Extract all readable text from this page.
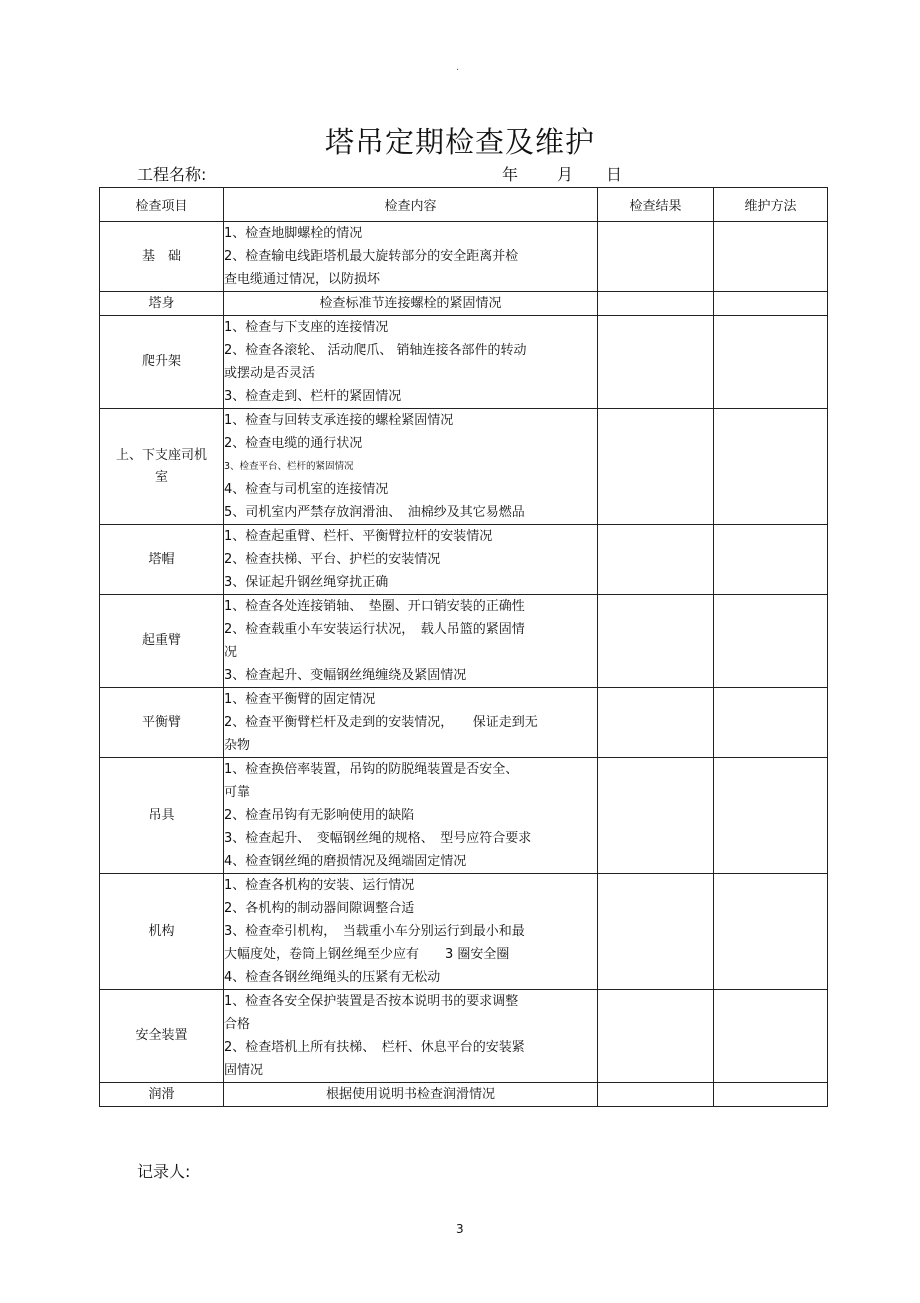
.
塔吊定期检查及维护
工程名称:	年 月 日
检查项目	检查内容	检查结果	维护方法
基　础	1、检查地脚螺栓的情况
2、检查输电线距塔机最大旋转部分的安全距离并检
查电缆通过情况，以防损坏		

塔身	检查标准节连接螺栓的紧固情况		

爬升架	1、检查与下支座的连接情况
2、检查各滚轮、 活动爬爪、 销轴连接各部件的转动
或摆动是否灵活
3、检查走到、栏杆的紧固情况		

上、下支座司机室	1、检查与回转支承连接的螺栓紧固情况
2、检查电缆的通行状况
3、检查平台、栏杆的紧固情况
4、检查与司机室的连接情况
5、司机室内严禁存放润滑油、　油棉纱及其它易燃品		

塔帽	1、检查起重臂、栏杆、平衡臂拉杆的安装情况
2、检查扶梯、平台、护栏的安装情况
3、保证起升钢丝绳穿扰正确		

起重臂	1、检查各处连接销轴、　垫圈、开口销安装的正确性
2、检查载重小车安装运行状况，　载人吊篮的紧固情
况
3、检查起升、变幅钢丝绳缠绕及紧固情况		

平衡臂	1、检查平衡臂的固定情况
2、检查平衡臂栏杆及走到的安装情况，　　保证走到无
杂物		

吊具	1、检查换倍率装置，吊钩的防脱绳装置是否安全、
可靠
2、检查吊钩有无影响使用的缺陷
3、检查起升、　变幅钢丝绳的规格、　型号应符合要求
4、检查钢丝绳的磨损情况及绳端固定情况		

机构	1、检查各机构的安装、运行情况
2、各机构的制动器间隙调整合适
3、检查牵引机构，　当载重小车分别运行到最小和最
大幅度处，卷筒上钢丝绳至少应有　　3 圈安全圈
4、检查各钢丝绳绳头的压紧有无松动		

安全装置	1、检查各安全保护装置是否按本说明书的要求调整
合格
2、检查塔机上所有扶梯、　栏杆、休息平台的安装紧
固情况		

润滑	根据使用说明书检查润滑情况		

记录人:
3
